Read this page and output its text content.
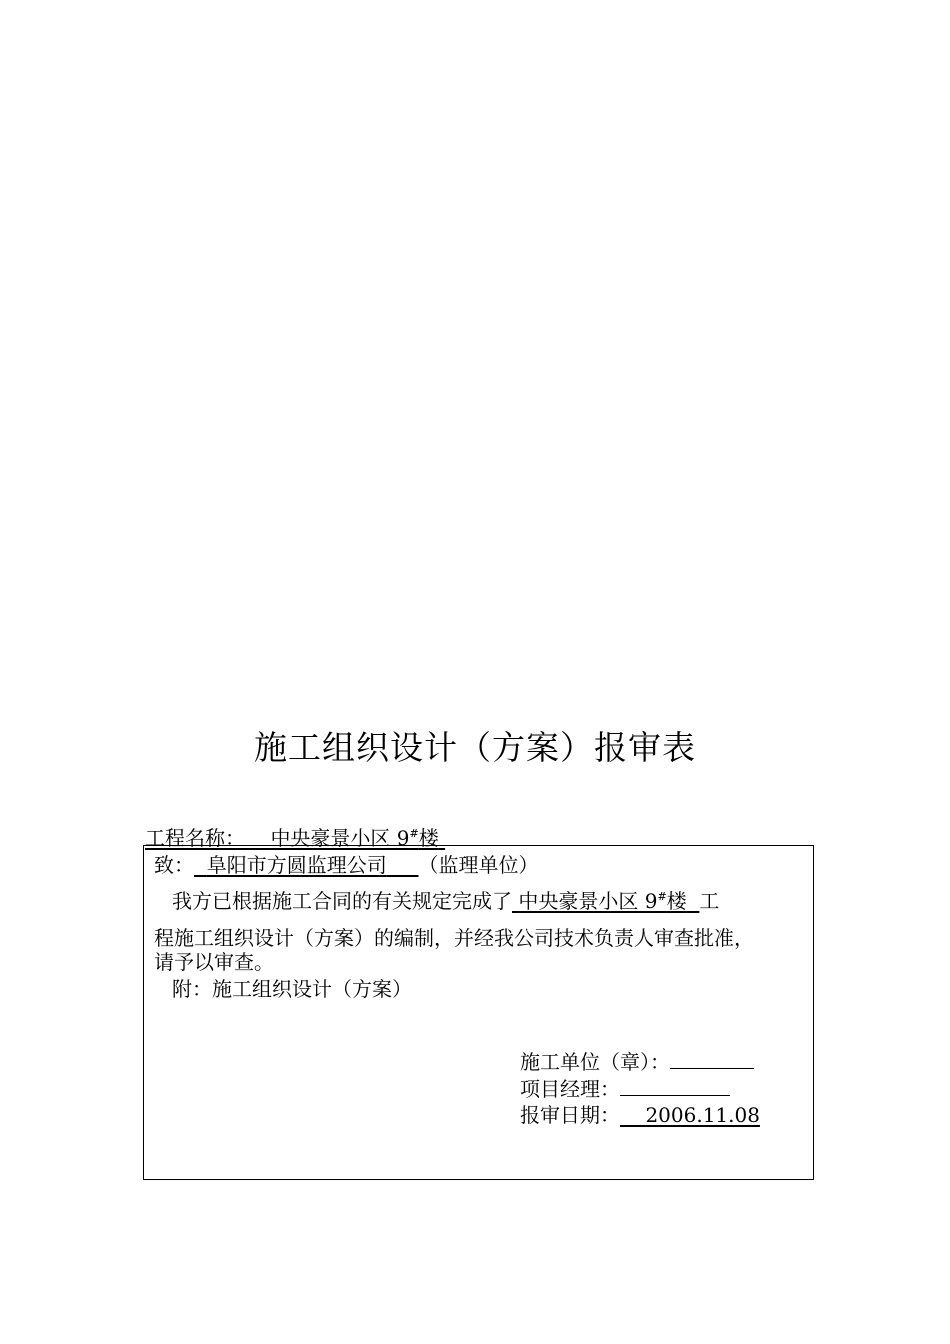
施工组织设计（方案）报审表
工程名称： 中央豪景小区 9#楼
致： 阜阳市方圆监理公司 （监理单位）
我方已根据施工合同的有关规定完成了 中央豪景小区 9#楼 工
程施工组织设计（方案）的编制，并经我公司技术负责人审查批准，
请予以审查。
附：施工组织设计（方案）
施工单位（章）：
项目经理：
报审日期： 2006.11.08
